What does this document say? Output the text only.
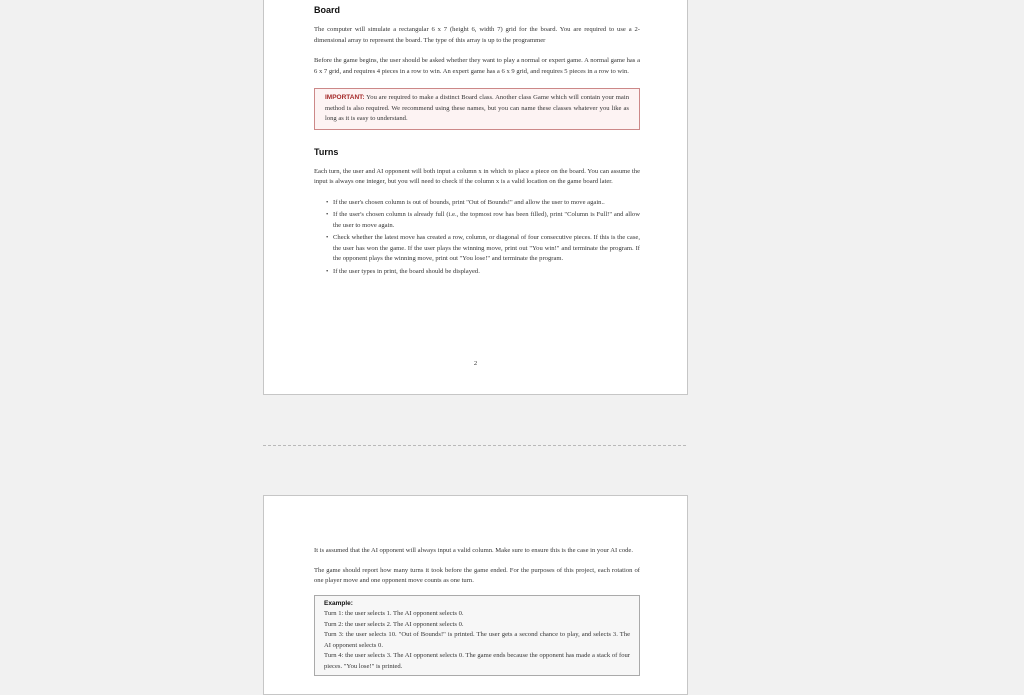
Board

The computer will simulate a rectangular 6 x 7 (height 6, width 7) grid for the board. You are required to use a 2-dimensional array to represent the board. The type of this array is up to the programmer

Before the game begins, the user should be asked whether they want to play a normal or expert game. A normal game has a 6 x 7 grid, and requires 4 pieces in a row to win. An expert game has a 6 x 9 grid, and requires 5 pieces in a row to win.

IMPORTANT: You are required to make a distinct Board class. Another class Game which will contain your main method is also required. We recommend using these names, but you can name these classes whatever you like as long as it is easy to understand.
Turns

Each turn, the user and AI opponent will both input a column x in which to place a piece on the board. You can assume the input is always one integer, but you will need to check if the column x is a valid location on the game board later.

• If the user's chosen column is out of bounds, print "Out of Bounds!" and allow the user to move again..
• If the user's chosen column is already full (i.e., the topmost row has been filled), print "Column is Full!" and allow the user to move again.
• Check whether the latest move has created a row, column, or diagonal of four consecutive pieces. If this is the case, the user has won the game. If the user plays the winning move, print out "You win!" and terminate the program. If the opponent plays the winning move, print out "You lose!" and terminate the program.
• If the user types in print, the board should be displayed.
2

It is assumed that the AI opponent will always input a valid column. Make sure to ensure this is the case in your AI code.

The game should report how many turns it took before the game ended. For the purposes of this project, each rotation of one player move and one opponent move counts as one turn.

Example:
Turn 1: the user selects 1. The AI opponent selects 0.
Turn 2: the user selects 2. The AI opponent selects 0.
Turn 3: the user selects 10. "Out of Bounds!" is printed. The user gets a second chance to play, and selects 3. The AI opponent selects 0.
Turn 4: the user selects 3. The AI opponent selects 0. The game ends because the opponent has made a stack of four pieces. "You lose!" is printed.
